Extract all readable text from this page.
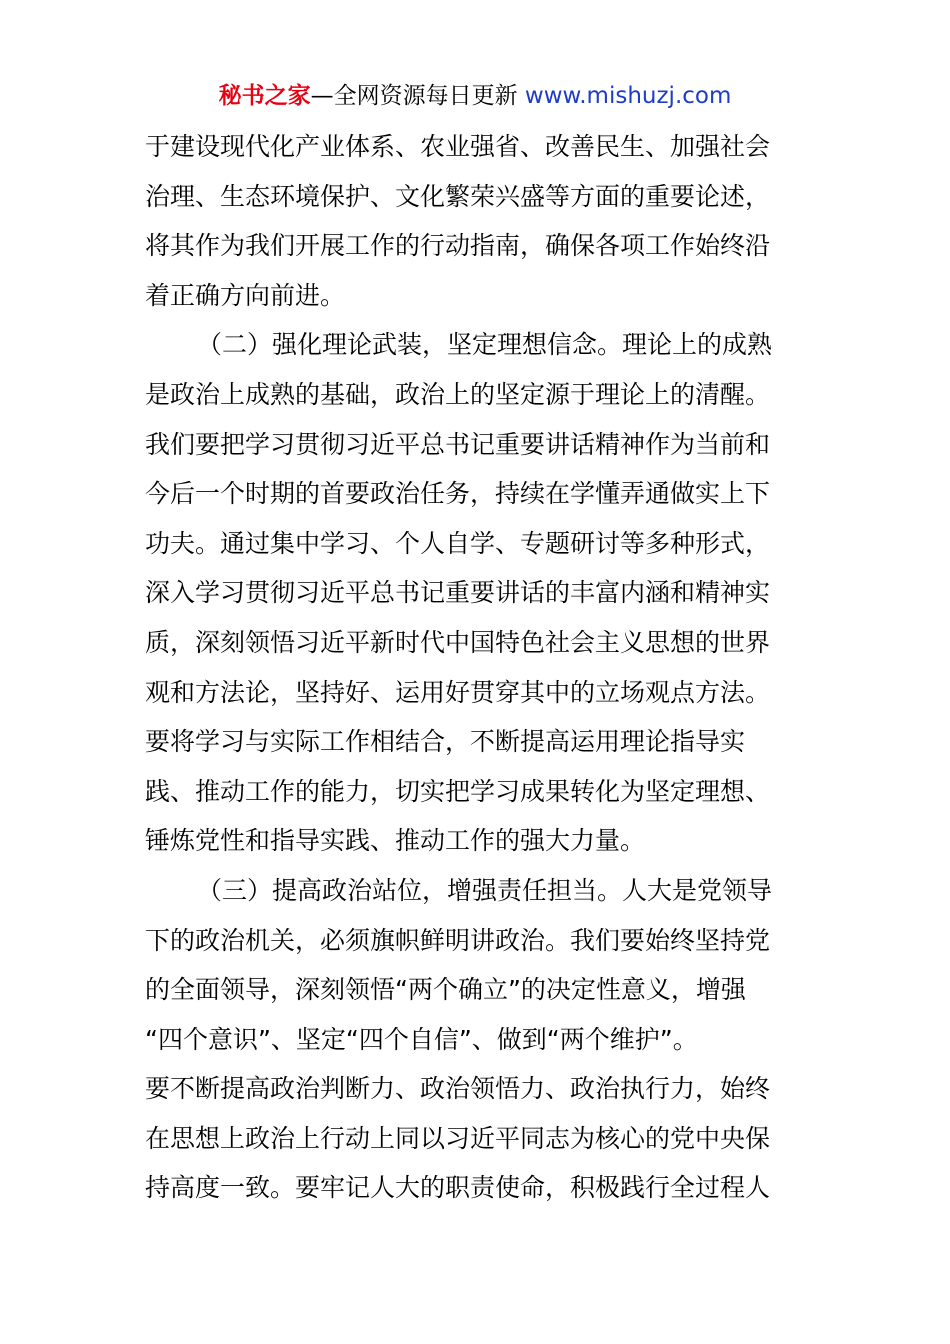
秘书之家—全网资源每日更新 www.mishuzj.com
于建设现代化产业体系、农业强省、改善民生、加强社会
治理、生态环境保护、文化繁荣兴盛等方面的重要论述，
将其作为我们开展工作的行动指南，确保各项工作始终沿
着正确方向前进。
（二）强化理论武装，坚定理想信念。理论上的成熟
是政治上成熟的基础，政治上的坚定源于理论上的清醒。
我们要把学习贯彻习近平总书记重要讲话精神作为当前和
今后一个时期的首要政治任务，持续在学懂弄通做实上下
功夫。通过集中学习、个人自学、专题研讨等多种形式，
深入学习贯彻习近平总书记重要讲话的丰富内涵和精神实
质，深刻领悟习近平新时代中国特色社会主义思想的世界
观和方法论，坚持好、运用好贯穿其中的立场观点方法。
要将学习与实际工作相结合，不断提高运用理论指导实
践、推动工作的能力，切实把学习成果转化为坚定理想、
锤炼党性和指导实践、推动工作的强大力量。
（三）提高政治站位，增强责任担当。人大是党领导
下的政治机关，必须旗帜鲜明讲政治。我们要始终坚持党
的全面领导，深刻领悟“两个确立”的决定性意义，增强
“四个意识”、坚定“四个自信”、做到“两个维护”。
要不断提高政治判断力、政治领悟力、政治执行力，始终
在思想上政治上行动上同以习近平同志为核心的党中央保
持高度一致。要牢记人大的职责使命，积极践行全过程人
